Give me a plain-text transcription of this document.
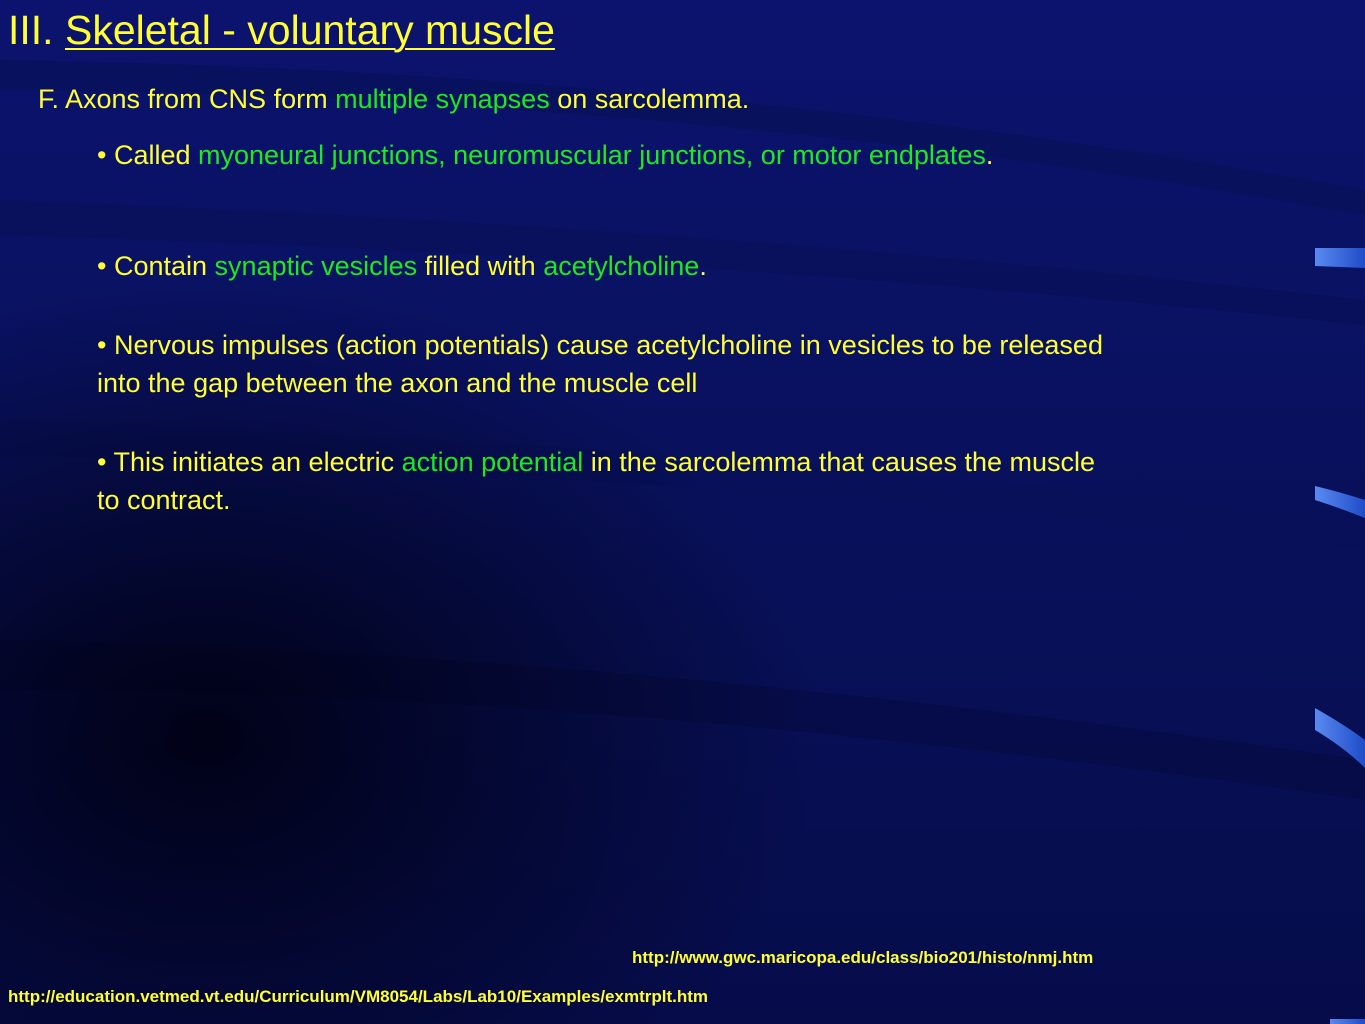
III. Skeletal - voluntary muscle
F. Axons from CNS form multiple synapses on sarcolemma.
• Called myoneural junctions, neuromuscular junctions, or motor endplates.
• Contain synaptic vesicles filled with acetylcholine.
• Nervous impulses (action potentials) cause acetylcholine in vesicles to be released
into the gap between the axon and the muscle cell
• This initiates an electric action potential in the sarcolemma that causes the muscle
to contract.
http://www.gwc.maricopa.edu/class/bio201/histo/nmj.htm
http://education.vetmed.vt.edu/Curriculum/VM8054/Labs/Lab10/Examples/exmtrplt.htm
